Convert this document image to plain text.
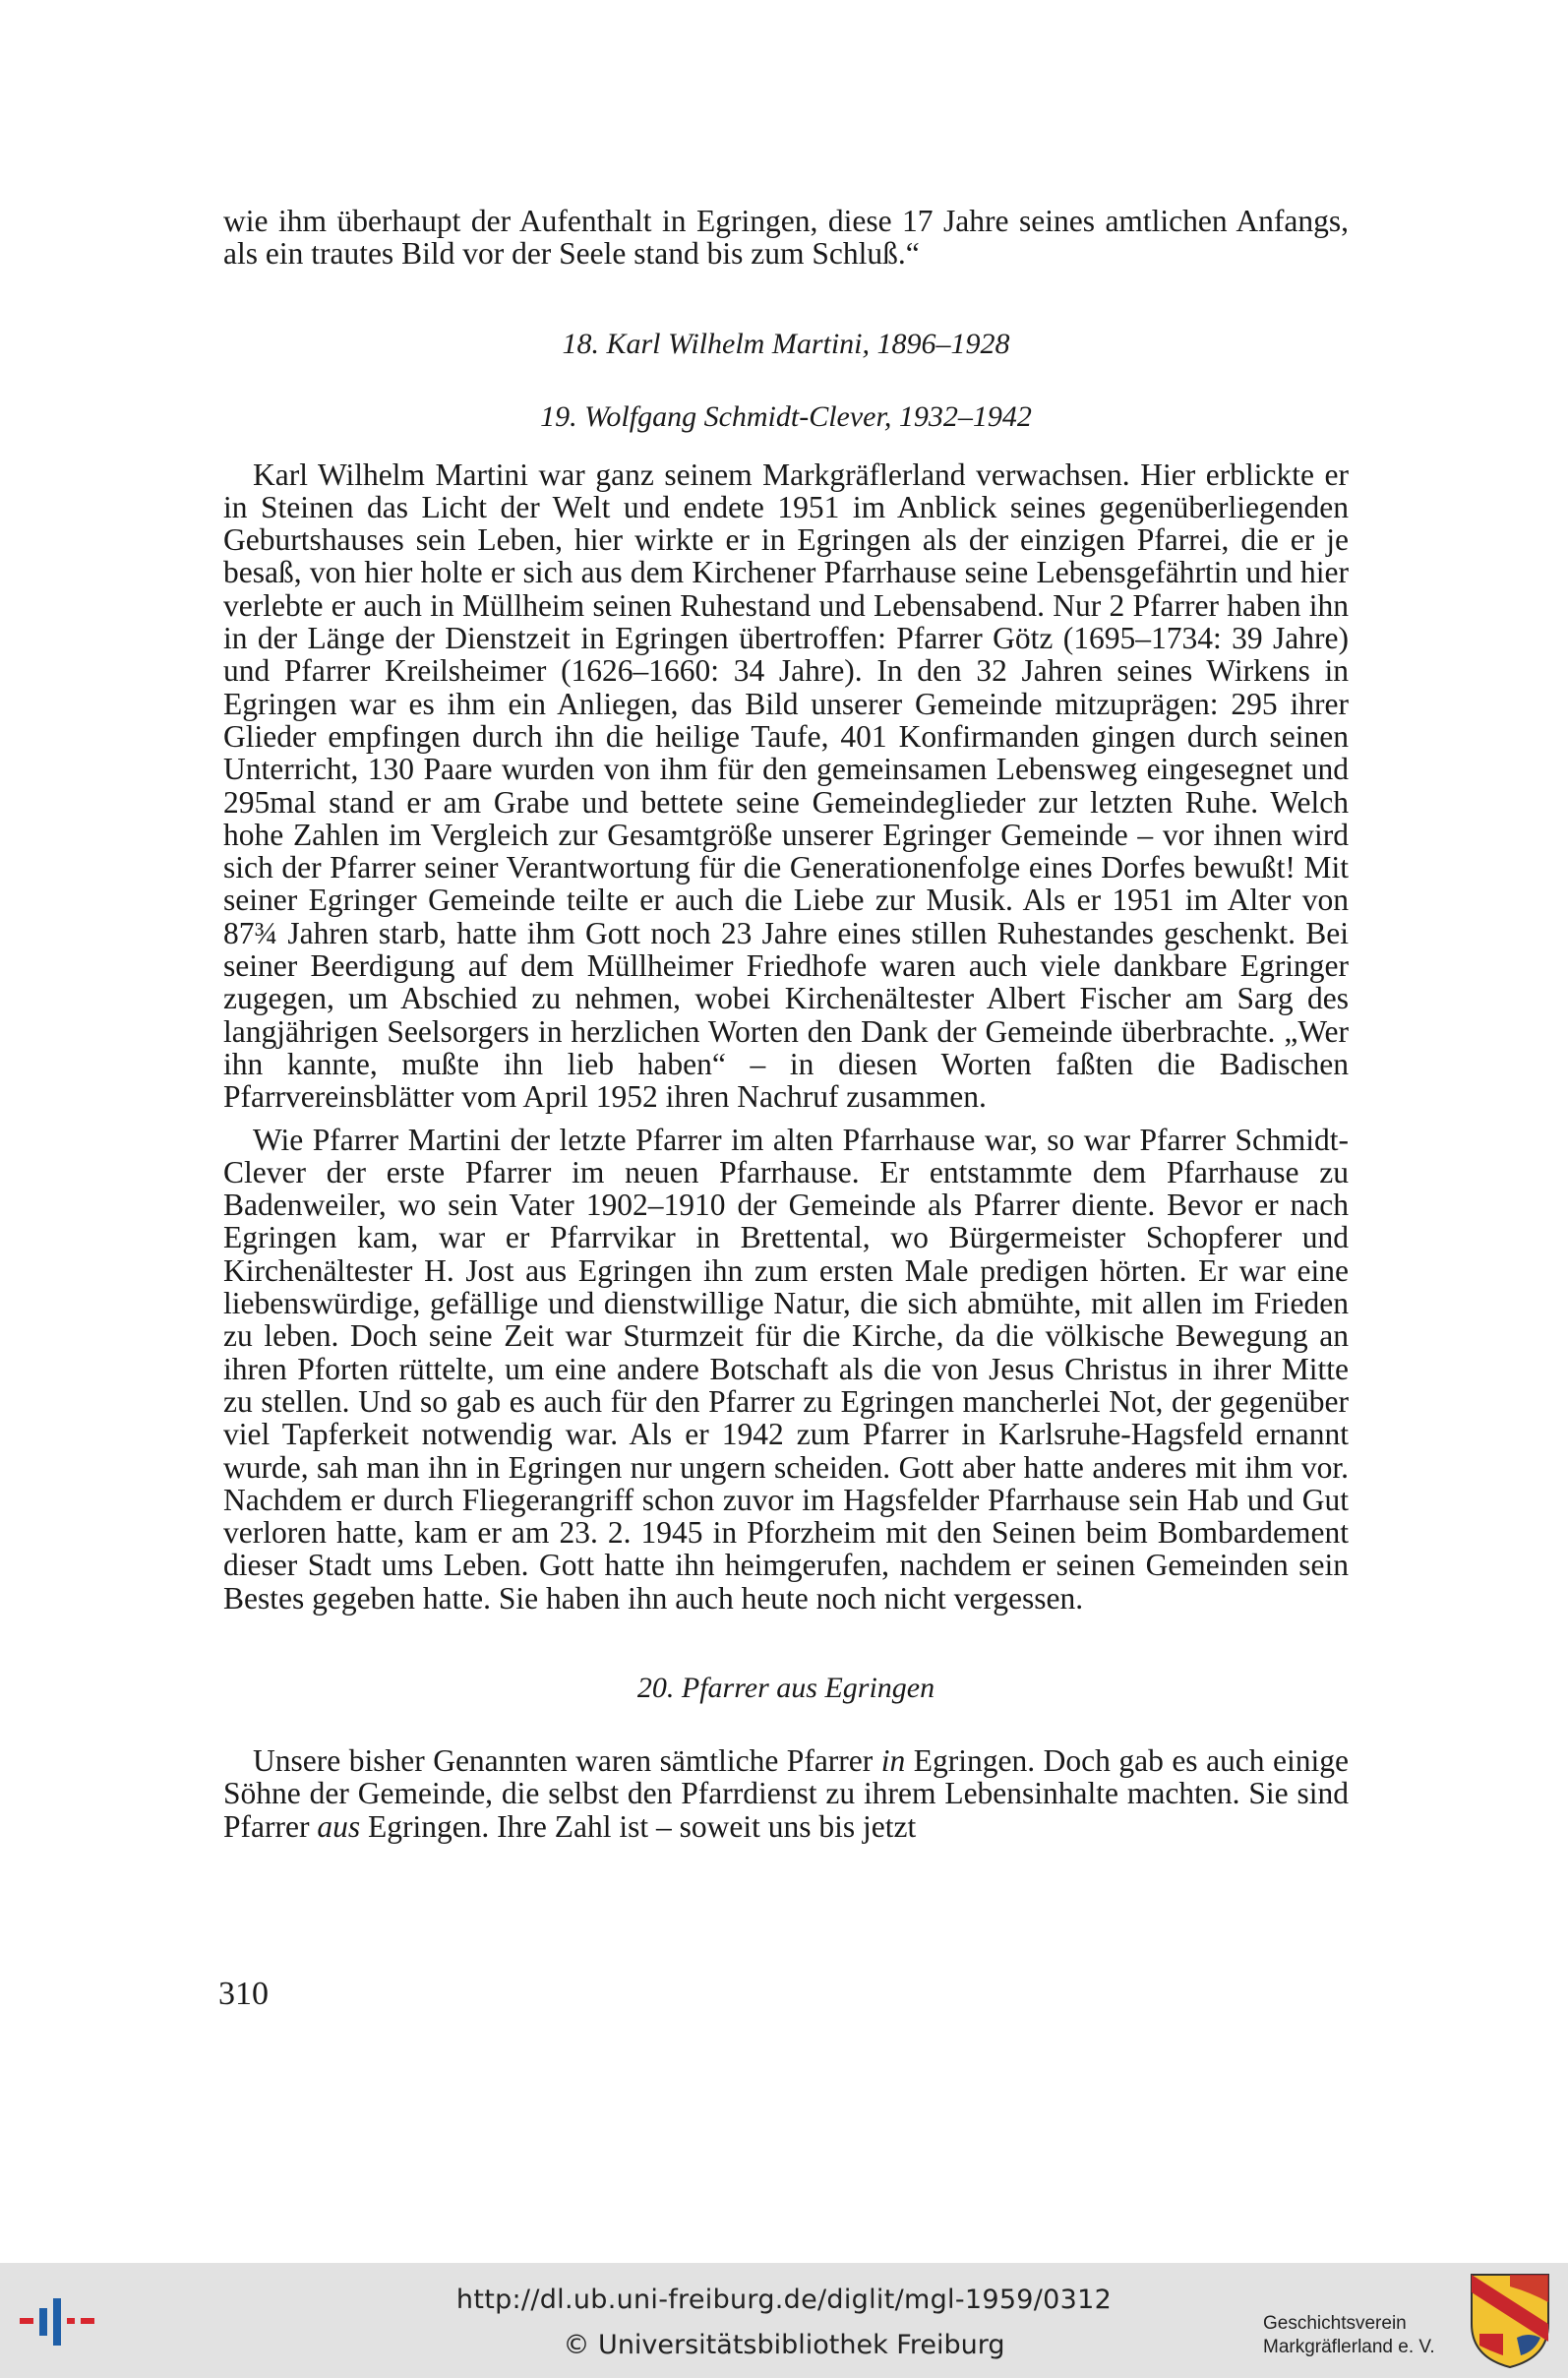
wie ihm überhaupt der Aufenthalt in Egringen, diese 17 Jahre seines amtlichen Anfangs, als ein trautes Bild vor der Seele stand bis zum Schluß.“

18. Karl Wilhelm Martini, 1896–1928

19. Wolfgang Schmidt-Clever, 1932–1942

Karl Wilhelm Martini war ganz seinem Markgräflerland verwachsen. Hier erblickte er in Steinen das Licht der Welt und endete 1951 im Anblick seines gegenüberliegenden Geburtshauses sein Leben, hier wirkte er in Egringen als der einzigen Pfarrei, die er je besaß, von hier holte er sich aus dem Kirchener Pfarrhause seine Lebensgefährtin und hier verlebte er auch in Müllheim seinen Ruhestand und Lebensabend. Nur 2 Pfarrer haben ihn in der Länge der Dienstzeit in Egringen übertroffen: Pfarrer Götz (1695–1734: 39 Jahre) und Pfarrer Kreilsheimer (1626–1660: 34 Jahre). In den 32 Jahren seines Wirkens in Egringen war es ihm ein Anliegen, das Bild unserer Gemeinde mitzuprägen: 295 ihrer Glieder empfingen durch ihn die heilige Taufe, 401 Konfirmanden gingen durch seinen Unterricht, 130 Paare wurden von ihm für den gemeinsamen Lebensweg eingesegnet und 295mal stand er am Grabe und bettete seine Gemeindeglieder zur letzten Ruhe. Welch hohe Zahlen im Vergleich zur Gesamtgröße unserer Egringer Gemeinde – vor ihnen wird sich der Pfarrer seiner Verantwortung für die Generationenfolge eines Dorfes bewußt! Mit seiner Egringer Gemeinde teilte er auch die Liebe zur Musik. Als er 1951 im Alter von 87¾ Jahren starb, hatte ihm Gott noch 23 Jahre eines stillen Ruhestandes geschenkt. Bei seiner Beerdigung auf dem Müllheimer Friedhofe waren auch viele dankbare Egringer zugegen, um Abschied zu nehmen, wobei Kirchenältester Albert Fischer am Sarg des langjährigen Seelsorgers in herzlichen Worten den Dank der Gemeinde überbrachte. „Wer ihn kannte, mußte ihn lieb haben“ – in diesen Worten faßten die Badischen Pfarrvereinsblätter vom April 1952 ihren Nachruf zusammen.

Wie Pfarrer Martini der letzte Pfarrer im alten Pfarrhause war, so war Pfarrer Schmidt-Clever der erste Pfarrer im neuen Pfarrhause. Er entstammte dem Pfarrhause zu Badenweiler, wo sein Vater 1902–1910 der Gemeinde als Pfarrer diente. Bevor er nach Egringen kam, war er Pfarrvikar in Brettental, wo Bürgermeister Schopferer und Kirchenältester H. Jost aus Egringen ihn zum ersten Male predigen hörten. Er war eine liebenswürdige, gefällige und dienstwillige Natur, die sich abmühte, mit allen im Frieden zu leben. Doch seine Zeit war Sturmzeit für die Kirche, da die völkische Bewegung an ihren Pforten rüttelte, um eine andere Botschaft als die von Jesus Christus in ihrer Mitte zu stellen. Und so gab es auch für den Pfarrer zu Egringen mancherlei Not, der gegenüber viel Tapferkeit notwendig war. Als er 1942 zum Pfarrer in Karlsruhe-Hagsfeld ernannt wurde, sah man ihn in Egringen nur ungern scheiden. Gott aber hatte anderes mit ihm vor. Nachdem er durch Fliegerangriff schon zuvor im Hagsfelder Pfarrhause sein Hab und Gut verloren hatte, kam er am 23. 2. 1945 in Pforzheim mit den Seinen beim Bombardement dieser Stadt ums Leben. Gott hatte ihn heimgerufen, nachdem er seinen Gemeinden sein Bestes gegeben hatte. Sie haben ihn auch heute noch nicht vergessen.

20. Pfarrer aus Egringen

Unsere bisher Genannten waren sämtliche Pfarrer in Egringen. Doch gab es auch einige Söhne der Gemeinde, die selbst den Pfarrdienst zu ihrem Lebensinhalte machten. Sie sind Pfarrer aus Egringen. Ihre Zahl ist – soweit uns bis jetzt

310
http://dl.ub.uni-freiburg.de/diglit/mgl-1959/0312
© Universitätsbibliothek Freiburg
Geschichtsverein
Markgräflerland e. V.
